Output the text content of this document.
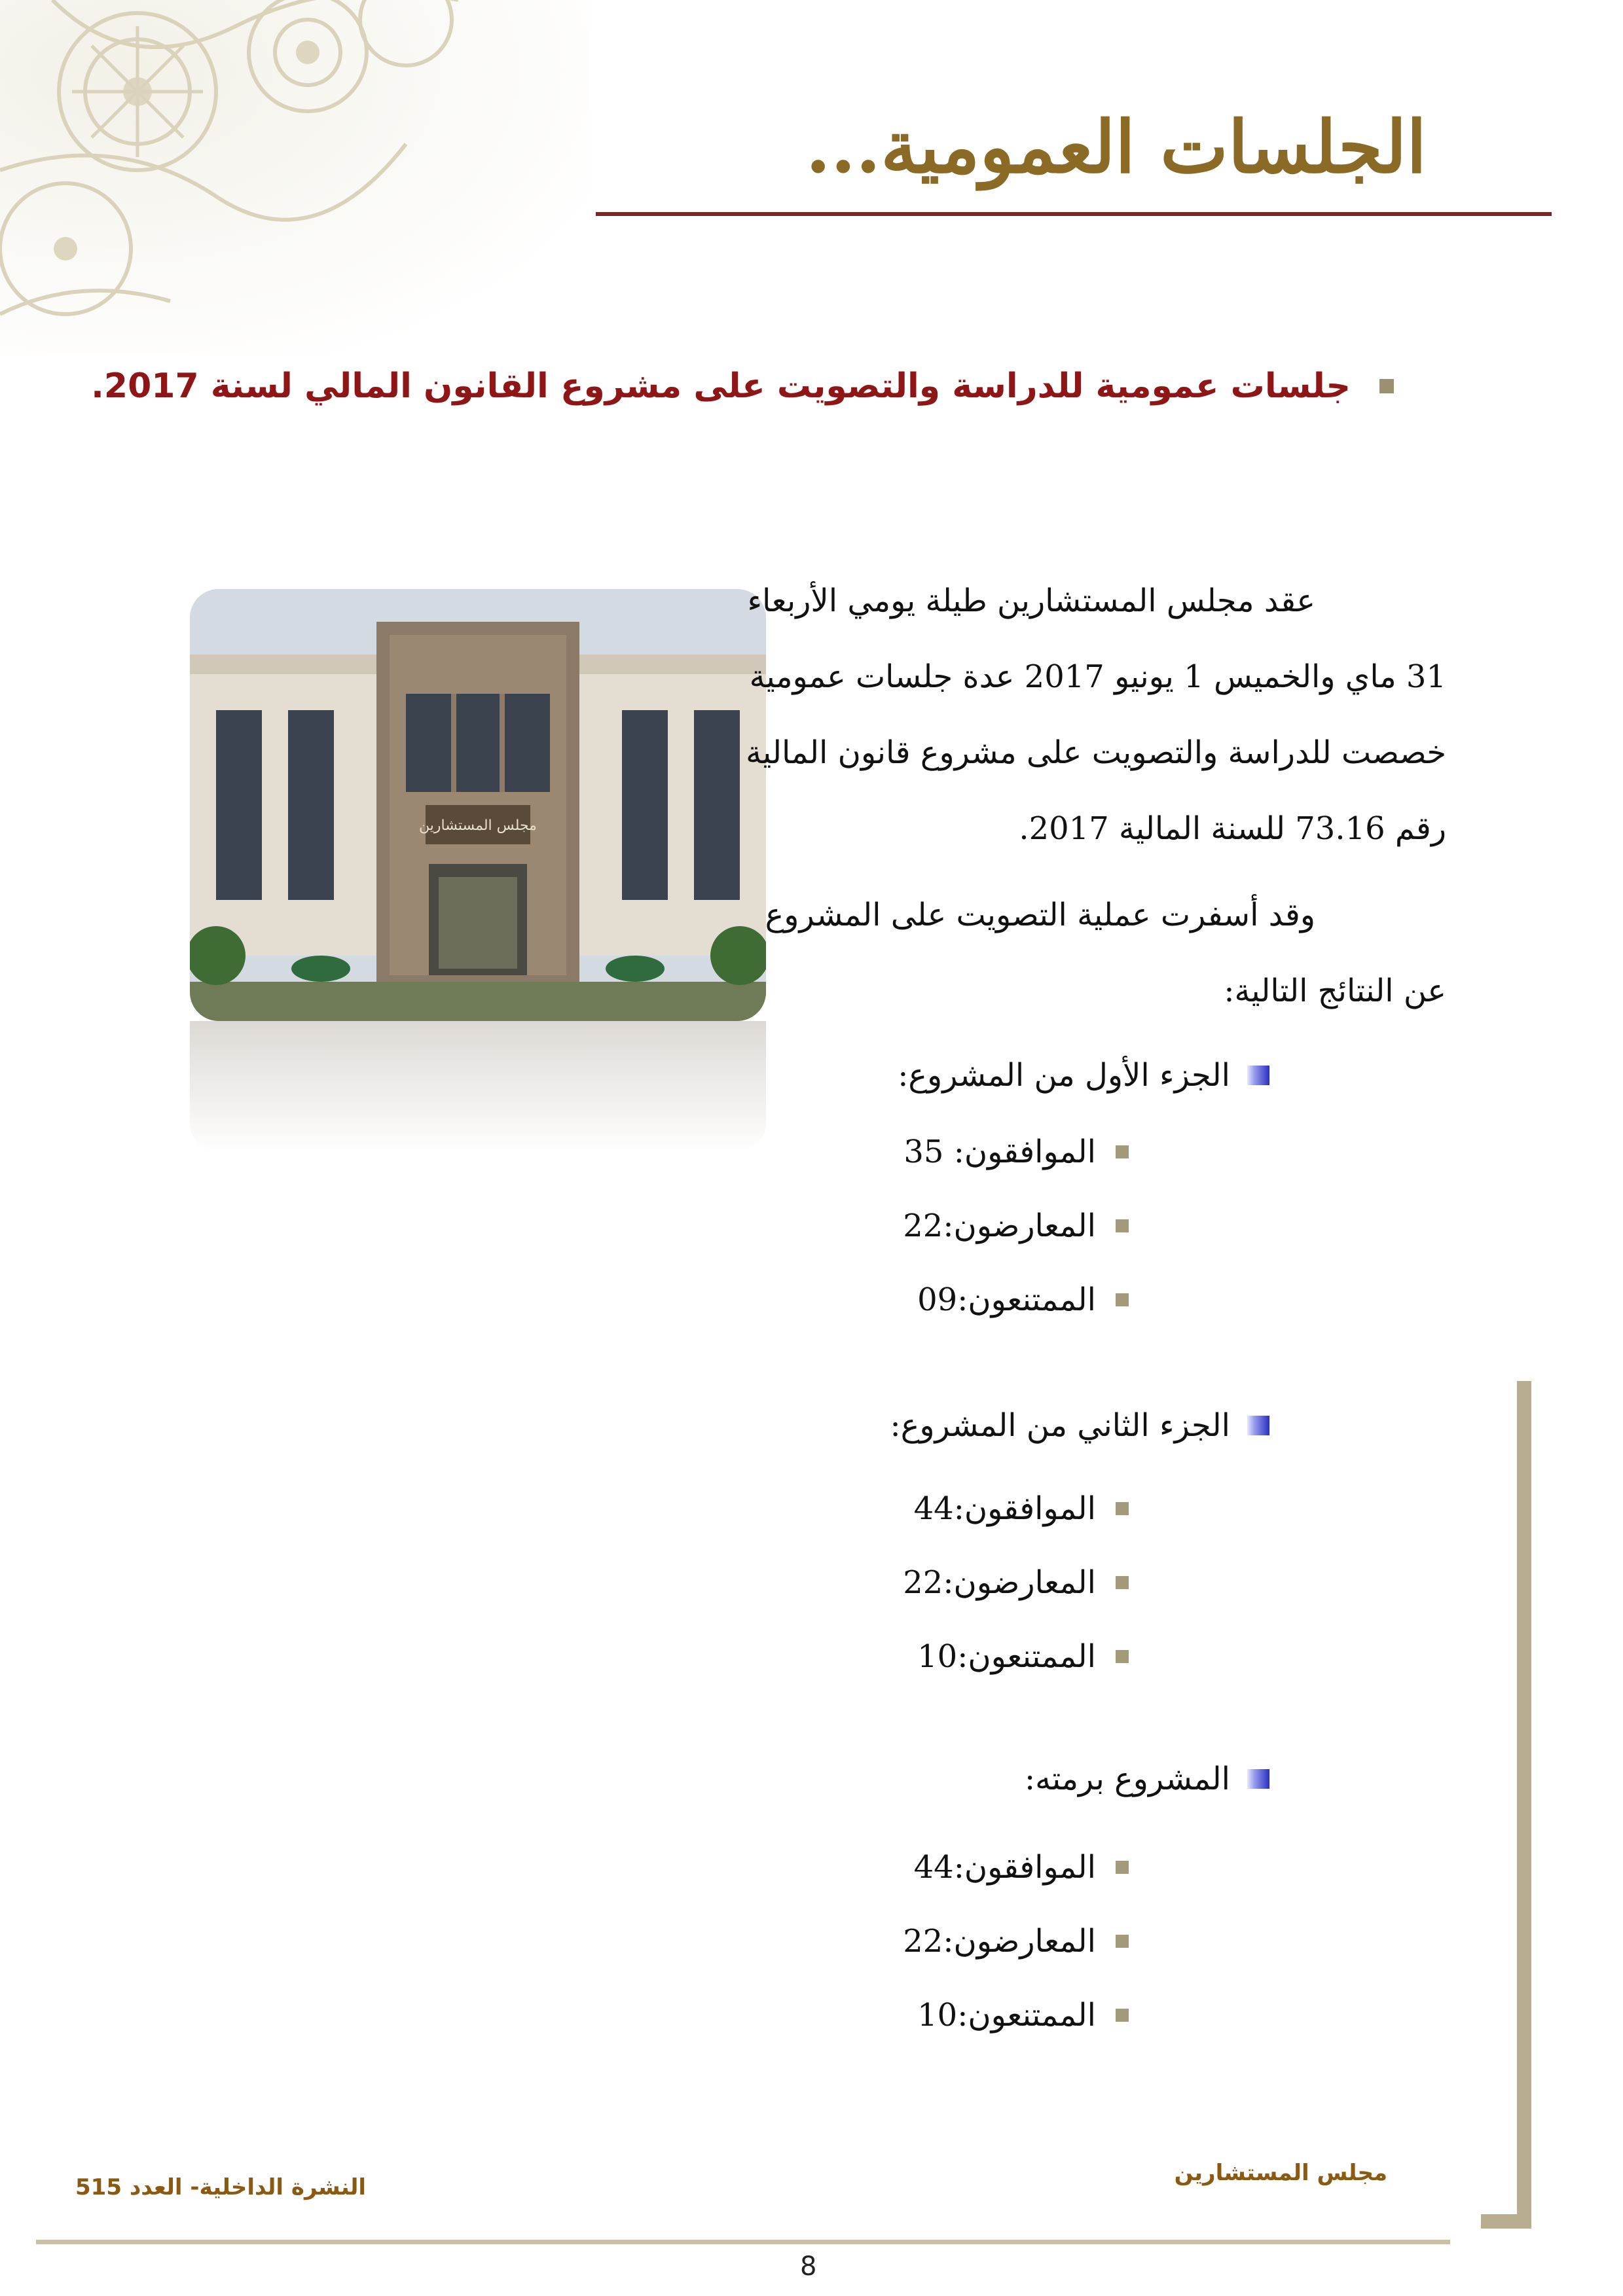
الجلسات العمومية...
جلسات عمومية للدراسة والتصويت على مشروع القانون المالي لسنة 2017.
مجلس المستشارين

عقد مجلس المستشارين طيلة يومي الأربعاء

31 ماي والخميس 1 يونيو 2017 عدة جلسات عمومية

خصصت للدراسة والتصويت على مشروع قانون المالية

رقم 73.16 للسنة المالية 2017.

وقد أسفرت عملية التصويت على المشروع

عن النتائج التالية:

الجزء الأول من المشروع:
الموافقون: 35
المعارضون:22
الممتنعون:09
الجزء الثاني من المشروع:
الموافقون:44
المعارضون:22
الممتنعون:10
المشروع برمته:
الموافقون:44
المعارضون:22
الممتنعون:10
مجلس المستشارين
النشرة الداخلية- العدد 515
8
